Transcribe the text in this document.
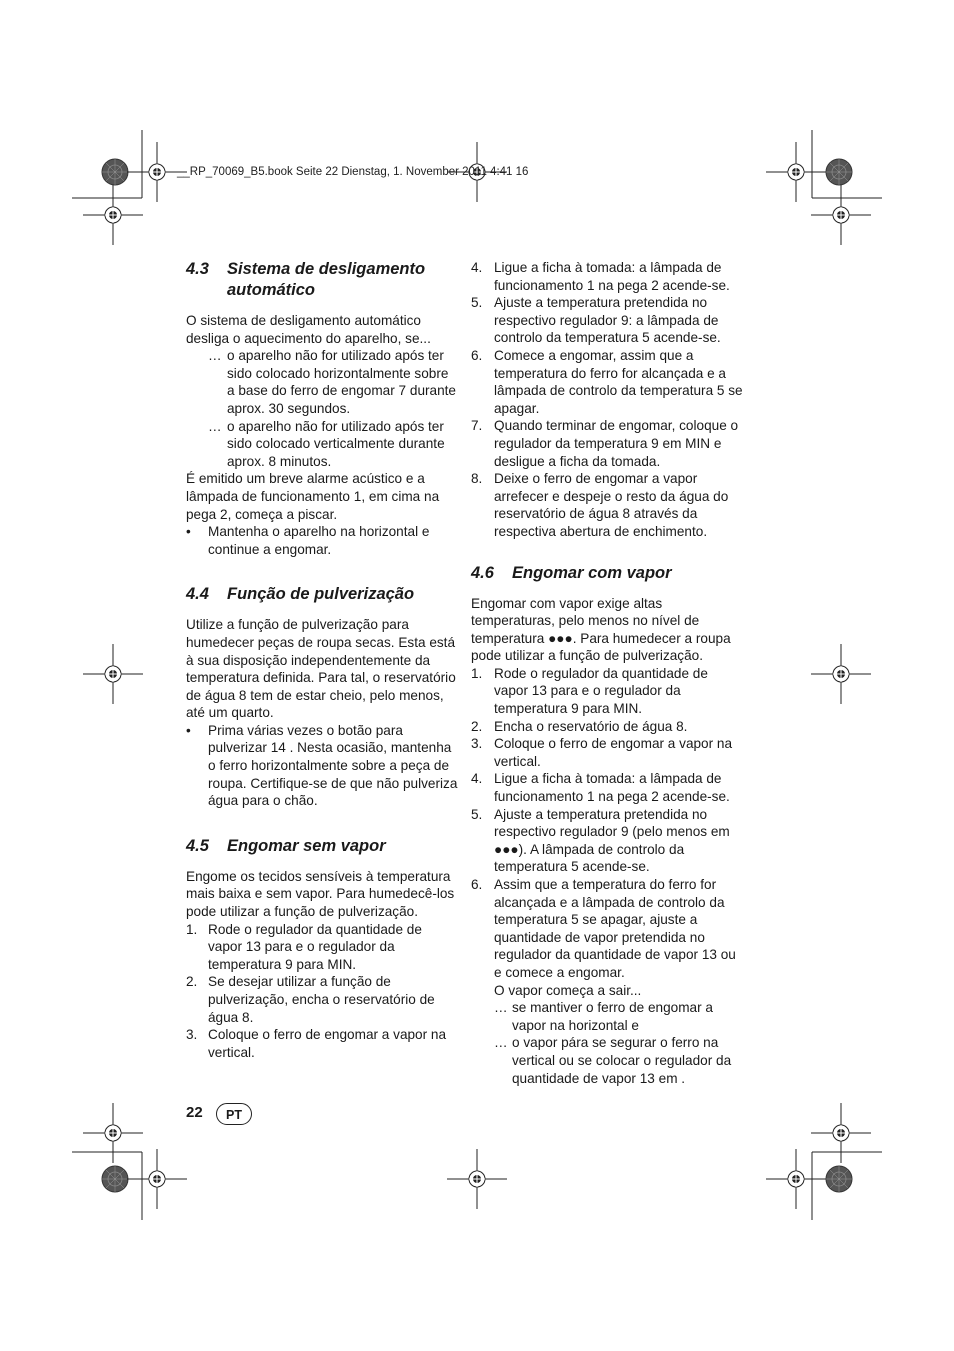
__RP_70069_B5.book Seite 22 Dienstag, 1. November 2011 4:41 16
4.3 Sistema de desligamento automático

O sistema de desligamento automático desliga o aquecimento do aparelho, se...

… o aparelho não for utilizado após ter sido colocado horizontalmente sobre a base do ferro de engomar 7 durante aprox. 30 segundos.
… o aparelho não for utilizado após ter sido colocado verticalmente durante aprox. 8 minutos.

É emitido um breve alarme acústico e a lâmpada de funcionamento 1, em cima na pega 2, começa a piscar.

• Mantenha o aparelho na horizontal e continue a engomar.
4.4 Função de pulverização

Utilize a função de pulverização para humedecer peças de roupa secas. Esta está à sua disposição independentemente da temperatura definida. Para tal, o reservatório de água 8 tem de estar cheio, pelo menos, até um quarto.

• Prima várias vezes o botão para pulverizar 14 . Nesta ocasião, mantenha o ferro horizontalmente sobre a peça de roupa. Certifique-se de que não pulveriza água para o chão.
4.5 Engomar sem vapor

Engome os tecidos sensíveis à temperatura mais baixa e sem vapor. Para humedecê-los pode utilizar a função de pulverização.

1. Rode o regulador da quantidade de vapor 13 para e o regulador da temperatura 9 para MIN.
2. Se desejar utilizar a função de pulverização, encha o reservatório de água 8.
3. Coloque o ferro de engomar a vapor na vertical.
4. Ligue a ficha à tomada: a lâmpada de funcionamento 1 na pega 2 acende-se.
5. Ajuste a temperatura pretendida no respectivo regulador 9: a lâmpada de controlo da temperatura 5 acende-se.
6. Comece a engomar, assim que a temperatura do ferro for alcançada e a lâmpada de controlo da temperatura 5 se apagar.
7. Quando terminar de engomar, coloque o regulador da temperatura 9 em MIN e desligue a ficha da tomada.
8. Deixe o ferro de engomar a vapor arrefecer e despeje o resto da água do reservatório de água 8 através da respectiva abertura de enchimento.
4.6 Engomar com vapor

Engomar com vapor exige altas temperaturas, pelo menos no nível de temperatura ●●●. Para humedecer a roupa pode utilizar a função de pulverização.

1. Rode o regulador da quantidade de vapor 13 para e o regulador da temperatura 9 para MIN.
2. Encha o reservatório de água 8.
3. Coloque o ferro de engomar a vapor na vertical.
4. Ligue a ficha à tomada: a lâmpada de funcionamento 1 na pega 2 acende-se.
5. Ajuste a temperatura pretendida no respectivo regulador 9 (pelo menos em ●●●). A lâmpada de controlo da temperatura 5 acende-se.
6. Assim que a temperatura do ferro for alcançada e a lâmpada de controlo da temperatura 5 se apagar, ajuste a quantidade de vapor pretendida no regulador da quantidade de vapor 13 ou e comece a engomar.

O vapor começa a sair...

… se mantiver o ferro de engomar a vapor na horizontal e
… o vapor pára se segurar o ferro na vertical ou se colocar o regulador da quantidade de vapor 13 em .
22	PT
